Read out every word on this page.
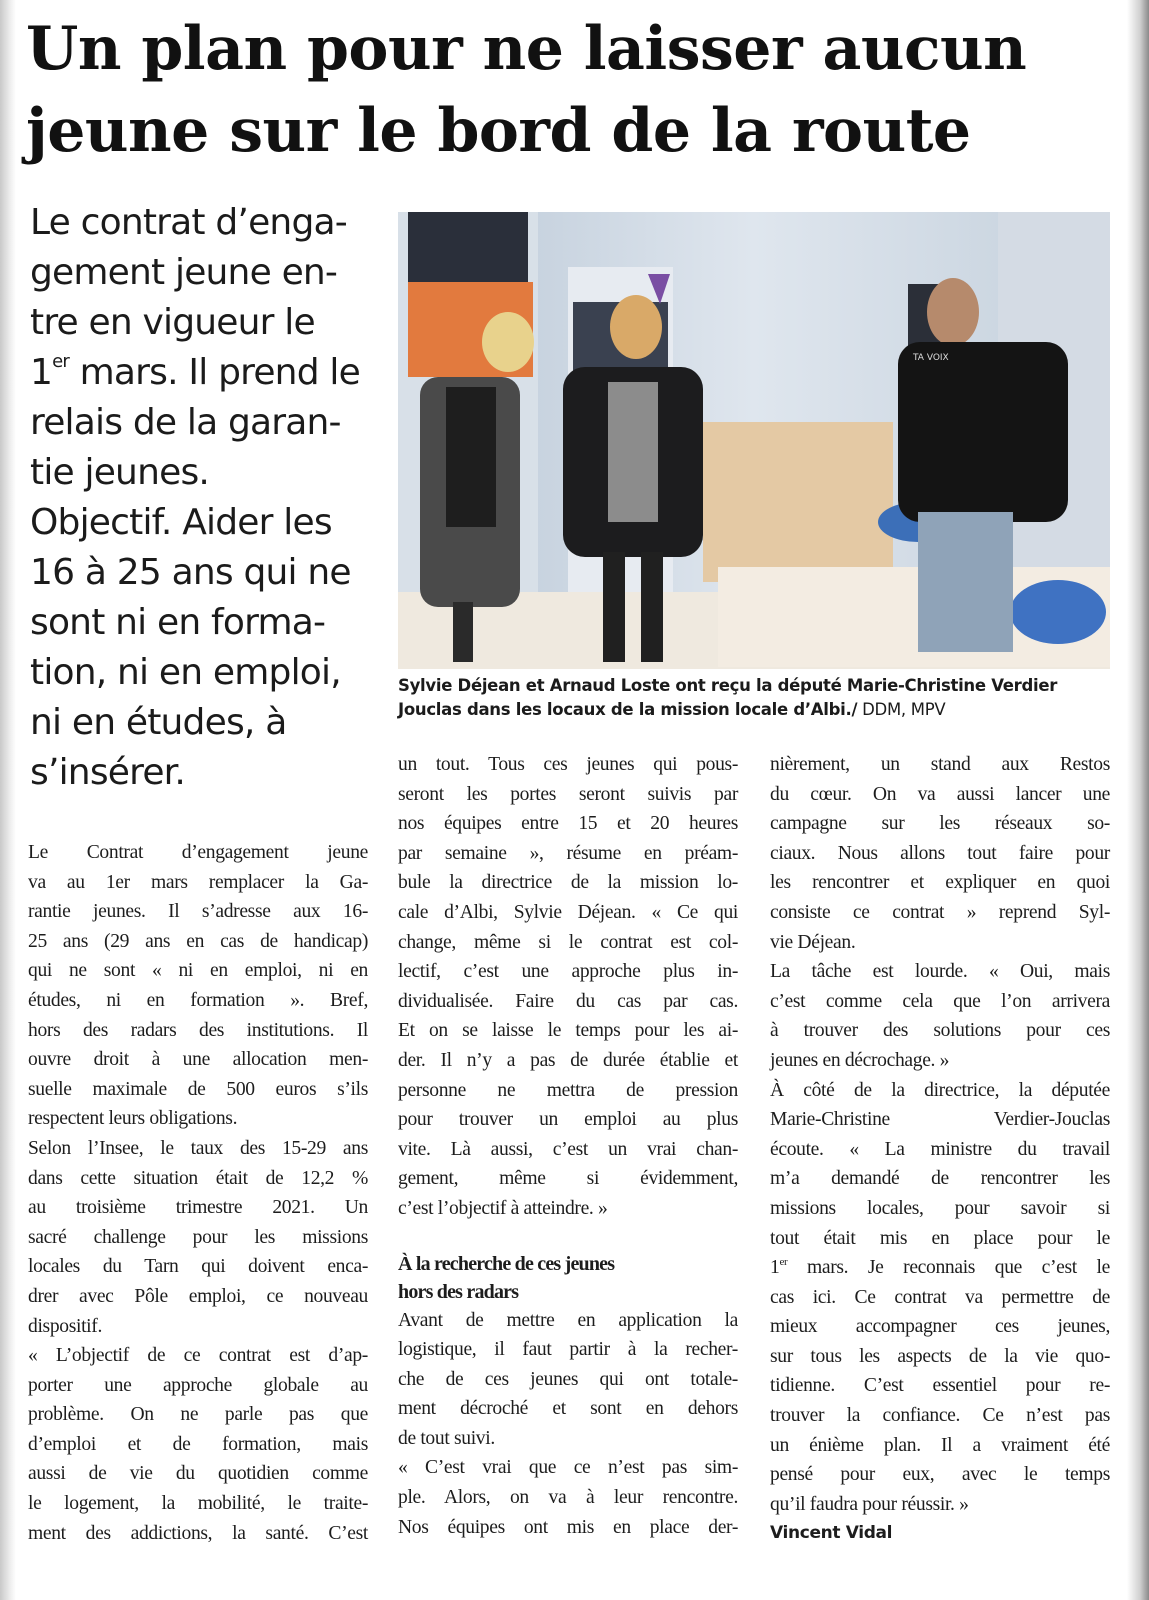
Un plan pour ne laisser aucun
jeune sur le bord de la route
Le contrat d’enga-
gement jeune en-
tre en vigueur le
1er mars. Il prend le
relais de la garan-
tie jeunes.
Objectif. Aider les
16 à 25 ans qui ne
sont ni en forma-
tion, ni en emploi,
ni en études, à
s’insérer.
TA VOIX
Sylvie Déjean et Arnaud Loste ont reçu la député Marie-Christine Verdier Jouclas dans les locaux de la mission locale d’Albi./ DDM, MPV
Le Contrat d’engagement jeune
va au 1er mars remplacer la Ga-
rantie jeunes. Il s’adresse aux 16-
25 ans (29 ans en cas de handicap)
qui ne sont « ni en emploi, ni en
études, ni en formation ». Bref,
hors des radars des institutions. Il
ouvre droit à une allocation men-
suelle maximale de 500 euros s’ils
respectent leurs obligations.
Selon l’Insee, le taux des 15-29 ans
dans cette situation était de 12,2 %
au troisième trimestre 2021. Un
sacré challenge pour les missions
locales du Tarn qui doivent enca-
drer avec Pôle emploi, ce nouveau
dispositif.
« L’objectif de ce contrat est d’ap-
porter une approche globale au
problème. On ne parle pas que
d’emploi et de formation, mais
aussi de vie du quotidien comme
le logement, la mobilité, le traite-
ment des addictions, la santé. C’est
un tout. Tous ces jeunes qui pous-
seront les portes seront suivis par
nos équipes entre 15 et 20 heures
par semaine », résume en préam-
bule la directrice de la mission lo-
cale d’Albi, Sylvie Déjean. « Ce qui
change, même si le contrat est col-
lectif, c’est une approche plus in-
dividualisée. Faire du cas par cas.
Et on se laisse le temps pour les ai-
der. Il n’y a pas de durée établie et
personne ne mettra de pression
pour trouver un emploi au plus
vite. Là aussi, c’est un vrai chan-
gement, même si évidemment,
c’est l’objectif à atteindre. »
À la recherche de ces jeunes
hors des radars
Avant de mettre en application la
logistique, il faut partir à la recher-
che de ces jeunes qui ont totale-
ment décroché et sont en dehors
de tout suivi.
« C’est vrai que ce n’est pas sim-
ple. Alors, on va à leur rencontre.
Nos équipes ont mis en place der-
nièrement, un stand aux Restos
du cœur. On va aussi lancer une
campagne sur les réseaux so-
ciaux. Nous allons tout faire pour
les rencontrer et expliquer en quoi
consiste ce contrat » reprend Syl-
vie Déjean.
La tâche est lourde. « Oui, mais
c’est comme cela que l’on arrivera
à trouver des solutions pour ces
jeunes en décrochage. »
À côté de la directrice, la députée
Marie-Christine Verdier-Jouclas
écoute. « La ministre du travail
m’a demandé de rencontrer les
missions locales, pour savoir si
tout était mis en place pour le
1er mars. Je reconnais que c’est le
cas ici. Ce contrat va permettre de
mieux accompagner ces jeunes,
sur tous les aspects de la vie quo-
tidienne. C’est essentiel pour re-
trouver la confiance. Ce n’est pas
un énième plan. Il a vraiment été
pensé pour eux, avec le temps
qu’il faudra pour réussir. »
Vincent Vidal
